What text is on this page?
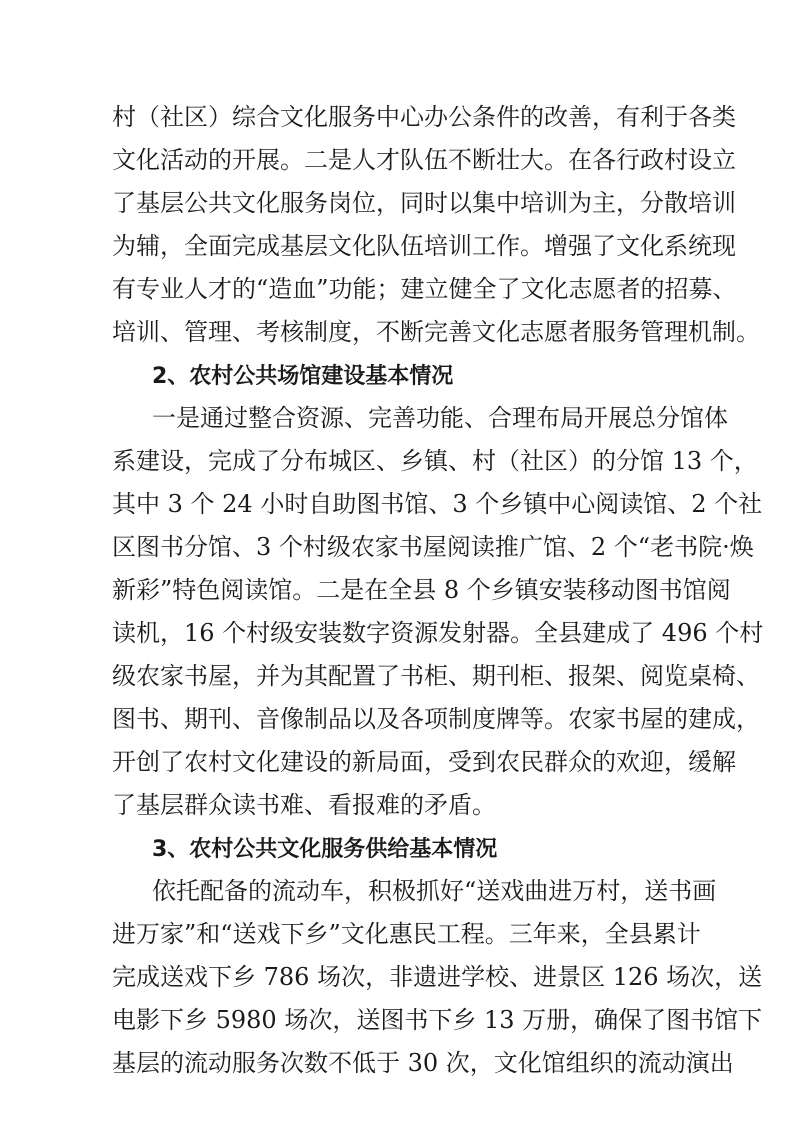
村（社区）综合文化服务中心办公条件的改善，有利于各类
文化活动的开展。二是人才队伍不断壮大。在各行政村设立
了基层公共文化服务岗位，同时以集中培训为主，分散培训
为辅，全面完成基层文化队伍培训工作。增强了文化系统现
有专业人才的“造血”功能；建立健全了文化志愿者的招募、
培训、管理、考核制度，不断完善文化志愿者服务管理机制。
2、农村公共场馆建设基本情况
一是通过整合资源、完善功能、合理布局开展总分馆体
系建设，完成了分布城区、乡镇、村（社区）的分馆 13 个，
其中 3 个 24 小时自助图书馆、3 个乡镇中心阅读馆、2 个社
区图书分馆、3 个村级农家书屋阅读推广馆、2 个“老书院·焕
新彩”特色阅读馆。二是在全县 8 个乡镇安装移动图书馆阅
读机，16 个村级安装数字资源发射器。全县建成了 496 个村
级农家书屋，并为其配置了书柜、期刊柜、报架、阅览桌椅、
图书、期刊、音像制品以及各项制度牌等。农家书屋的建成，
开创了农村文化建设的新局面，受到农民群众的欢迎，缓解
了基层群众读书难、看报难的矛盾。
3、农村公共文化服务供给基本情况
依托配备的流动车，积极抓好“送戏曲进万村，送书画
进万家”和“送戏下乡”文化惠民工程。三年来，全县累计
完成送戏下乡 786 场次，非遗进学校、进景区 126 场次，送
电影下乡 5980 场次，送图书下乡 13 万册，确保了图书馆下
基层的流动服务次数不低于 30 次，文化馆组织的流动演出
